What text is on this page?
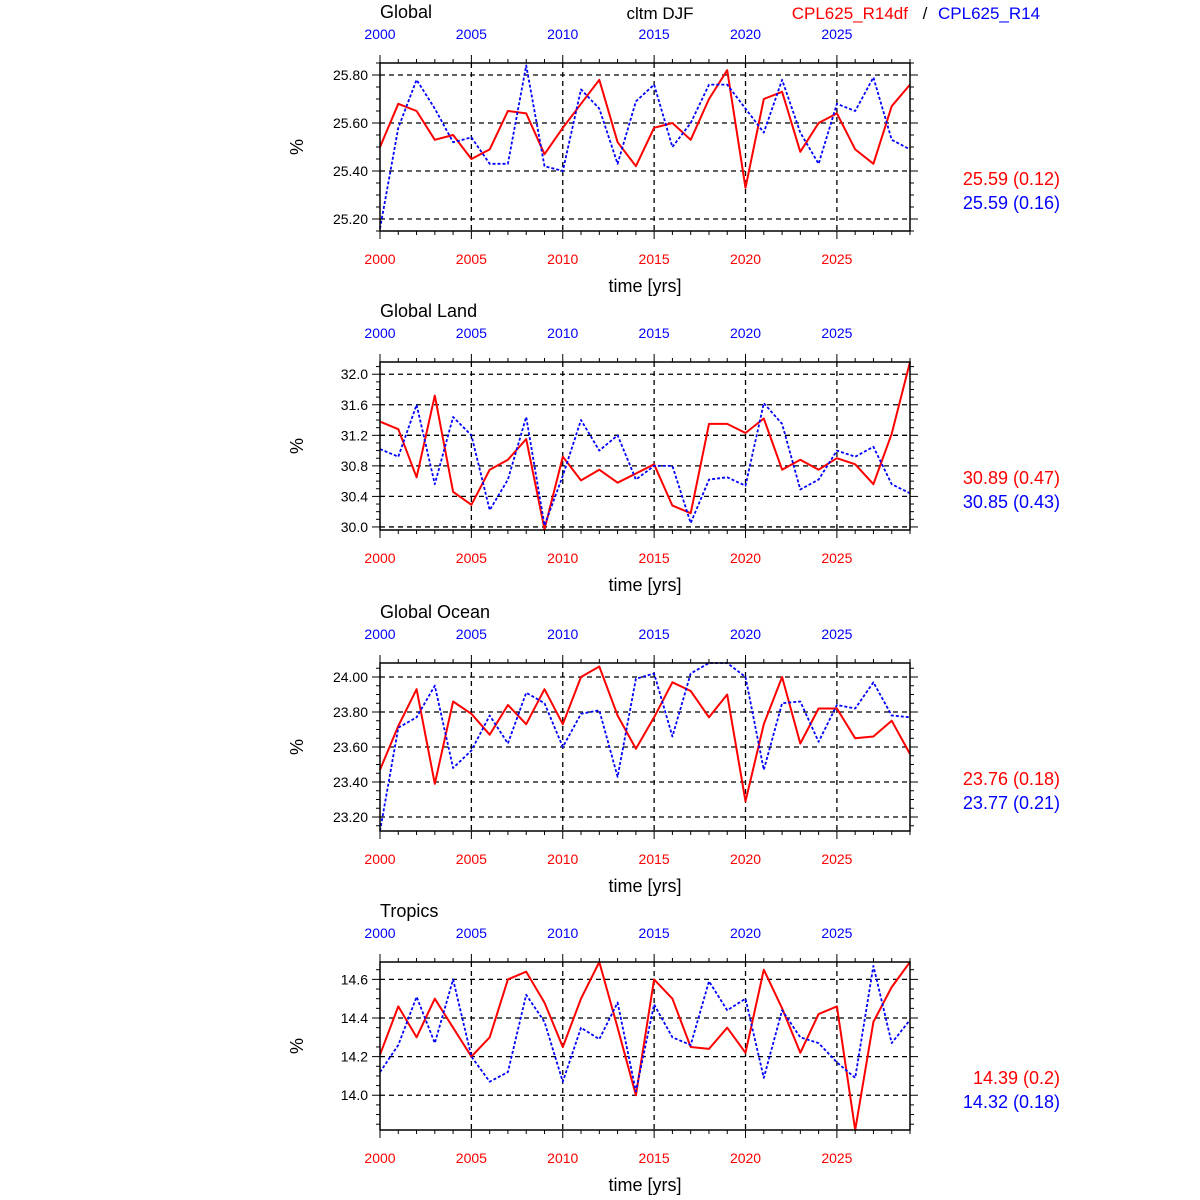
cltm DJF	CPL625_R14df / CPL625_R14
25.20
25.40
25.60
25.80
2000
2000
2005
2005
2010
2010
2015
2015
2020
2020
2025
2025
Global
time [yrs]
%
25.59 (0.12)
25.59 (0.16)
30.0
30.4
30.8
31.2
31.6
32.0
2000
2000
2005
2005
2010
2010
2015
2015
2020
2020
2025
2025
Global Land
time [yrs]
%
30.89 (0.47)
30.85 (0.43)
23.20
23.40
23.60
23.80
24.00
2000
2000
2005
2005
2010
2010
2015
2015
2020
2020
2025
2025
Global Ocean
time [yrs]
%
23.76 (0.18)
23.77 (0.21)
14.0
14.2
14.4
14.6
2000
2000
2005
2005
2010
2010
2015
2015
2020
2020
2025
2025
Tropics
time [yrs]
%
14.39 (0.2)
14.32 (0.18)
